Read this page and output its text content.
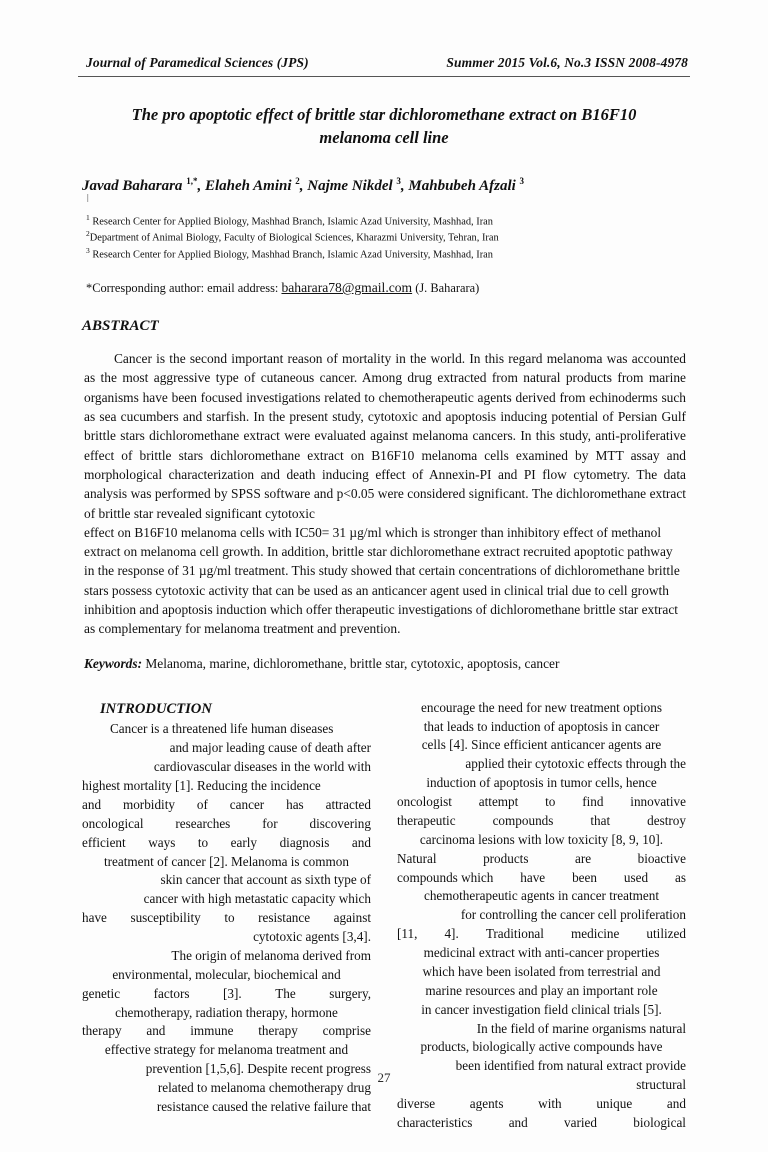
Journal of Paramedical Sciences (JPS)	Summer 2015 Vol.6, No.3 ISSN 2008-4978
The pro apoptotic effect of brittle star dichloromethane extract on B16F10 melanoma cell line
Javad Baharara $^{1,*}$, Elaheh Amini $^2$, Najme Nikdel $^3$, Mahbubeh Afzali $^3$
|
$^1$ Research Center for Applied Biology, Mashhad Branch, Islamic Azad University, Mashhad, Iran
$^2$Department of Animal Biology, Faculty of Biological Sciences, Kharazmi University, Tehran, Iran
$^3$ Research Center for Applied Biology, Mashhad Branch, Islamic Azad University, Mashhad, Iran
*Corresponding author: email address: baharara78@gmail.com (J. Baharara)
ABSTRACT

Cancer is the second important reason of mortality in the world. In this regard melanoma was accounted as the most aggressive type of cutaneous cancer. Among drug extracted from natural products from marine organisms have been focused investigations related to chemotherapeutic agents derived from echinoderms such as sea cucumbers and starfish. In the present study, cytotoxic and apoptosis inducing potential of Persian Gulf brittle stars dichloromethane extract were evaluated against melanoma cancers. In this study, anti-proliferative effect of brittle stars dichloromethane extract on B16F10 melanoma cells examined by MTT assay and morphological characterization and death inducing effect of Annexin-PI and PI flow cytometry. The data analysis was performed by SPSS software and p<0.05 were considered significant. The dichloromethane extract of brittle star revealed significant cytotoxic

effect on B16F10 melanoma cells with IC50= 31 µg/ml which is stronger than inhibitory effect of methanol extract on melanoma cell growth. In addition, brittle star dichloromethane extract recruited apoptotic pathway in the response of 31 µg/ml treatment. This study showed that certain concentrations of dichloromethane brittle stars possess cytotoxic activity that can be used as an anticancer agent used in clinical trial due to cell growth inhibition and apoptosis induction which offer therapeutic investigations of dichloromethane brittle star extract as complementary for melanoma treatment and prevention.

Keywords: Melanoma, marine, dichloromethane, brittle star, cytotoxic, apoptosis, cancer
INTRODUCTION

Cancer is a threatened life human diseases
and major leading cause of death after
cardiovascular diseases in the world with
highest mortality [1]. Reducing the incidence
and morbidity of cancer has attracted
oncological researches for discovering
efficient ways to early diagnosis and
treatment of cancer [2]. Melanoma is common
skin cancer that account as sixth type of
cancer with high metastatic capacity which
have susceptibility to resistance against
cytotoxic agents [3,4].
The origin of melanoma derived from
environmental, molecular, biochemical and
genetic	factors	[3].	The	surgery,
chemotherapy, radiation therapy, hormone
therapy and immune therapy comprise
effective strategy for melanoma treatment and
prevention [1,5,6]. Despite recent progress
related to melanoma chemotherapy drug
resistance caused the relative failure that

encourage the need for new treatment options
that leads to induction of apoptosis in cancer
cells [4]. Since efficient anticancer agents are
applied their cytotoxic effects through the
induction of apoptosis in tumor cells, hence
oncologist attempt to find innovative
therapeutic	compounds	that	destroy
carcinoma lesions with low toxicity [8, 9, 10].
Natural	products	are	bioactive
compounds which have been used as
chemotherapeutic agents in cancer treatment
for controlling the cancer cell proliferation
[11, 4]. Traditional medicine utilized
medicinal extract with anti-cancer properties
which have been isolated from terrestrial and
marine resources and play an important role
in cancer investigation field clinical trials [5].
In the field of marine organisms natural
products, biologically active compounds have
been identified from natural extract provide
structural
diverse	agents	with	unique	and
characteristics	and	varied	biological

27
